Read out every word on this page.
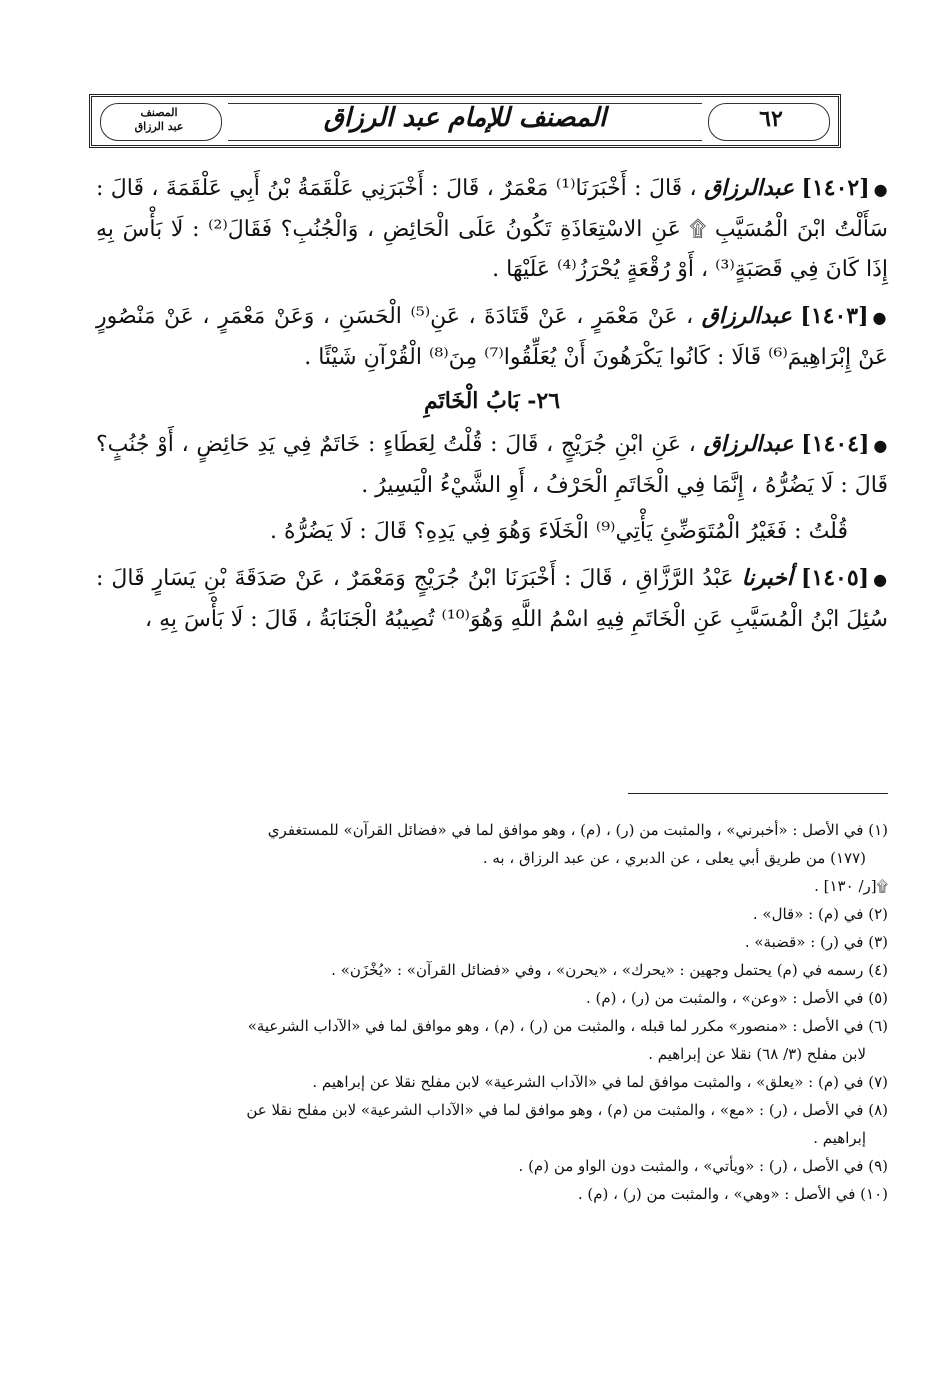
٦٢
المصنف للإمام عبد الرزاق
المصنف
عبد الرزاق

●[١٤٠٢] عبدالرزاق ، قَالَ : أَخْبَرَنَا⁽¹⁾ مَعْمَرٌ ، قَالَ : أَخْبَرَنِي عَلْقَمَةُ بْنُ أَبِي عَلْقَمَةَ ، قَالَ : سَأَلْتُ ابْنَ الْمُسَيَّبِ ۩ عَنِ الاسْتِعَاذَةِ تَكُونُ عَلَى الْحَائِضِ ، وَالْجُنُبِ؟ فَقَالَ⁽²⁾ : لَا بَأْسَ بِهِ إِذَا كَانَ فِي قَصَبَةٍ⁽³⁾ ، أَوْ رُقْعَةٍ يُحْرَزُ⁽⁴⁾ عَلَيْهَا .

●[١٤٠٣] عبدالرزاق ، عَنْ مَعْمَرٍ ، عَنْ قَتَادَةَ ، عَنِ⁽⁵⁾ الْحَسَنِ ، وَعَنْ مَعْمَرٍ ، عَنْ مَنْصُورٍ عَنْ إِبْرَاهِيمَ⁽⁶⁾ قَالَا : كَانُوا يَكْرَهُونَ أَنْ يُعَلِّقُوا⁽⁷⁾ مِنَ⁽⁸⁾ الْقُرْآنِ شَيْئًا .

٢٦- بَابُ الْخَاتَمِ

●[١٤٠٤] عبدالرزاق ، عَنِ ابْنِ جُرَيْجٍ ، قَالَ : قُلْتُ لِعَطَاءٍ : خَاتَمٌ فِي يَدِ حَائِضٍ ، أَوْ جُنُبٍ؟ قَالَ : لَا يَضُرُّهُ ، إِنَّمَا فِي الْخَاتَمِ الْحَرْفُ ، أَوِ الشَّيْءُ الْيَسِيرُ .

قُلْتُ : فَغَيْرُ الْمُتَوَضِّئِ يَأْتِي⁽⁹⁾ الْخَلَاءَ وَهُوَ فِي يَدِهِ؟ قَالَ : لَا يَضُرُّهُ .

●[١٤٠٥] أخبرنا عَبْدُ الرَّزَّاقِ ، قَالَ : أَخْبَرَنَا ابْنُ جُرَيْجٍ وَمَعْمَرٌ ، عَنْ صَدَقَةَ بْنِ يَسَارٍ قَالَ : سُئِلَ ابْنُ الْمُسَيَّبِ عَنِ الْخَاتَمِ فِيهِ اسْمُ اللَّهِ وَهُوَ⁽¹⁰⁾ تُصِيبُهُ الْجَنَابَةُ ، قَالَ : لَا بَأْسَ بِهِ ،

(١) في الأصل : «أخبرني» ، والمثبت من (ر) ، (م) ، وهو موافق لما في «فضائل القرآن» للمستغفري
(١٧٧) من طريق أبي يعلى ، عن الدبري ، عن عبد الرزاق ، به .

۩[ر/ ١٣٠] .

(٢) في (م) : «قال» .

(٣) في (ر) : «قضبة» .

(٤) رسمه في (م) يحتمل وجهين : «يحرك» ، «يحرن» ، وفي «فضائل القرآن» : «يُخْزَن» .

(٥) في الأصل : «وعن» ، والمثبت من (ر) ، (م) .

(٦) في الأصل : «منصور» مكرر لما قبله ، والمثبت من (ر) ، (م) ، وهو موافق لما في «الآداب الشرعية»
لابن مفلح (٣/ ٦٨) نقلا عن إبراهيم .

(٧) في (م) : «يعلق» ، والمثبت موافق لما في «الآداب الشرعية» لابن مفلح نقلا عن إبراهيم .

(٨) في الأصل ، (ر) : «مع» ، والمثبت من (م) ، وهو موافق لما في «الآداب الشرعية» لابن مفلح نقلا عن
إبراهيم .

(٩) في الأصل ، (ر) : «ويأتي» ، والمثبت دون الواو من (م) .

(١٠) في الأصل : «وهي» ، والمثبت من (ر) ، (م) .
